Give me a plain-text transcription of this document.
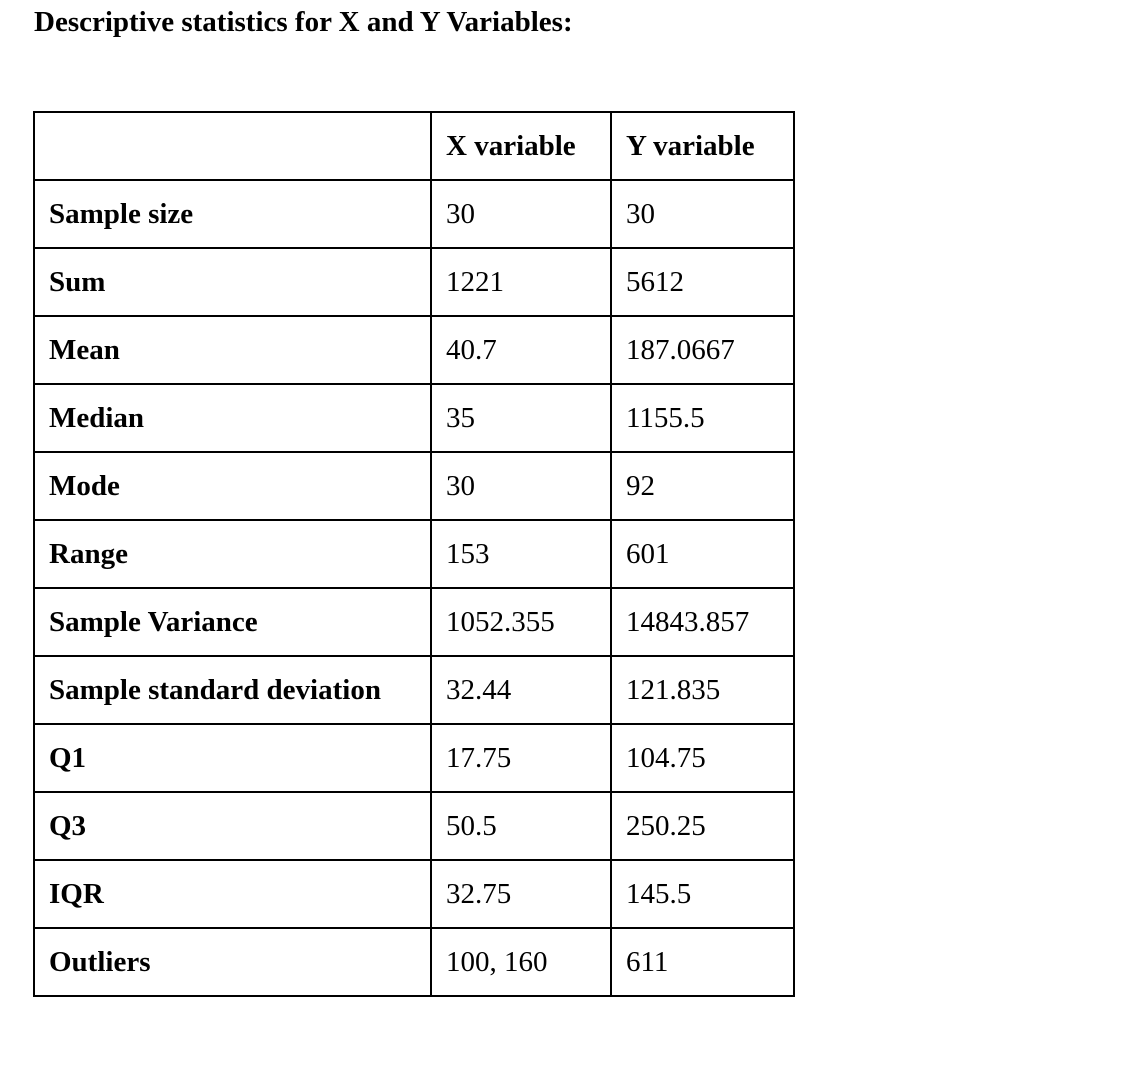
Descriptive statistics for X and Y Variables:
	X variable	Y variable
Sample size	30	30
Sum	1221	5612
Mean	40.7	187.0667
Median	35	1155.5
Mode	30	92
Range	153	601
Sample Variance	1052.355	14843.857
Sample standard deviation	32.44	121.835
Q1	17.75	104.75
Q3	50.5	250.25
IQR	32.75	145.5
Outliers	100, 160	611
